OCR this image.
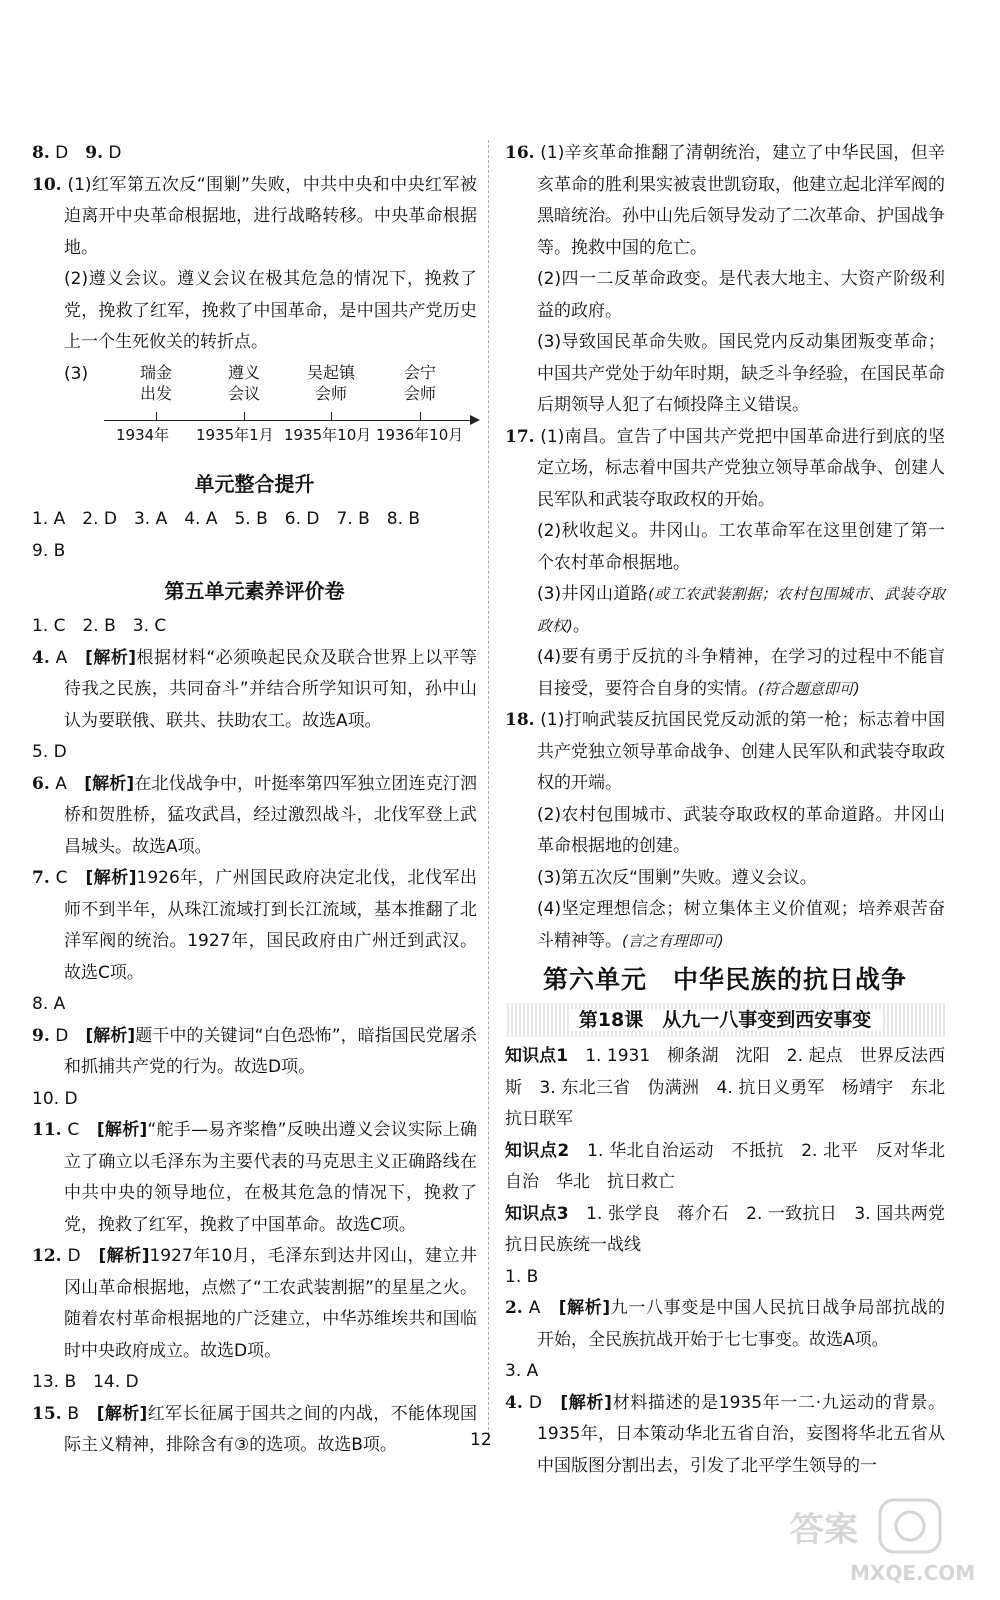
8. D　 9. D
10. (1)红军第五次反“围剿”失败，中共中央和中央红军被迫离开中央革命根据地，进行战略转移。中央革命根据地。
(2)遵义会议。遵义会议在极其危急的情况下，挽救了党，挽救了红军，挽救了中国革命，是中国共产党历史上一个生死攸关的转折点。
(3)	瑞金
出发
遵义
会议
吴起镇
会师
会宁
会师
1934年 1935年1月 1935年10月 1936年10月
单元整合提升
1. A　2. D　3. A　4. A　5. B　6. D　7. B　8. B
9. B
第五单元素养评价卷
1. C　2. B　3. C
4. A　 [解析]根据材料“必须唤起民众及联合世界上以平等待我之民族，共同奋斗”并结合所学知识可知，孙中山认为要联俄、联共、扶助农工。故选A项。
5. D
6. A　 [解析]在北伐战争中，叶挺率第四军独立团连克汀泗桥和贺胜桥，猛攻武昌，经过激烈战斗，北伐军登上武昌城头。故选A项。
7. C　 [解析]1926年，广州国民政府决定北伐，北伐军出师不到半年，从珠江流域打到长江流域，基本推翻了北洋军阀的统治。1927年，国民政府由广州迁到武汉。故选C项。
8. A
9. D　 [解析]题干中的关键词“白色恐怖”，暗指国民党屠杀和抓捕共产党的行为。故选D项。
10. D
11. C　 [解析]“舵手—易齐桨橹”反映出遵义会议实际上确立了确立以毛泽东为主要代表的马克思主义正确路线在中共中央的领导地位，在极其危急的情况下，挽救了党，挽救了红军，挽救了中国革命。故选C项。
12. D　 [解析]1927年10月，毛泽东到达井冈山，建立井冈山革命根据地，点燃了“工农武装割据”的星星之火。随着农村革命根据地的广泛建立，中华苏维埃共和国临时中央政府成立。故选D项。
13. B　14. D
15. B　 [解析]红军长征属于国共之间的内战，不能体现国际主义精神，排除含有③的选项。故选B项。
16. (1)辛亥革命推翻了清朝统治，建立了中华民国，但辛亥革命的胜利果实被袁世凯窃取，他建立起北洋军阀的黑暗统治。孙中山先后领导发动了二次革命、护国战争等。挽救中国的危亡。
(2)四一二反革命政变。是代表大地主、大资产阶级利益的政府。
(3)导致国民革命失败。国民党内反动集团叛变革命；中国共产党处于幼年时期，缺乏斗争经验，在国民革命后期领导人犯了右倾投降主义错误。
17. (1)南昌。宣告了中国共产党把中国革命进行到底的坚定立场，标志着中国共产党独立领导革命战争、创建人民军队和武装夺取政权的开始。
(2)秋收起义。井冈山。工农革命军在这里创建了第一个农村革命根据地。
(3)井冈山道路(或工农武装割据；农村包围城市、武装夺取政权)。
(4)要有勇于反抗的斗争精神，在学习的过程中不能盲目接受，要符合自身的实情。(符合题意即可)
18. (1)打响武装反抗国民党反动派的第一枪；标志着中国共产党独立领导革命战争、创建人民军队和武装夺取政权的开端。
(2)农村包围城市、武装夺取政权的革命道路。井冈山革命根据地的创建。
(3)第五次反“围剿”失败。遵义会议。
(4)坚定理想信念；树立集体主义价值观；培养艰苦奋斗精神等。(言之有理即可)
第六单元　中华民族的抗日战争
第18课　从九一八事变到西安事变
知识点1　 1. 1931　柳条湖　沈阳　2. 起点　世界反法西斯　3. 东北三省　伪满洲　4. 抗日义勇军　杨靖宇　东北抗日联军
知识点2　 1. 华北自治运动　不抵抗　2. 北平　反对华北自治　华北　抗日救亡
知识点3　 1. 张学良　蒋介石　2. 一致抗日　3. 国共两党　抗日民族统一战线
1. B
2. A　 [解析]九一八事变是中国人民抗日战争局部抗战的开始，全民族抗战开始于七七事变。故选A项。
3. A
4. D　 [解析]材料描述的是1935年一二·九运动的背景。1935年，日本策动华北五省自治，妄图将华北五省从中国版图分割出去，引发了北平学生领导的一
12
答案
MXQE.COM
